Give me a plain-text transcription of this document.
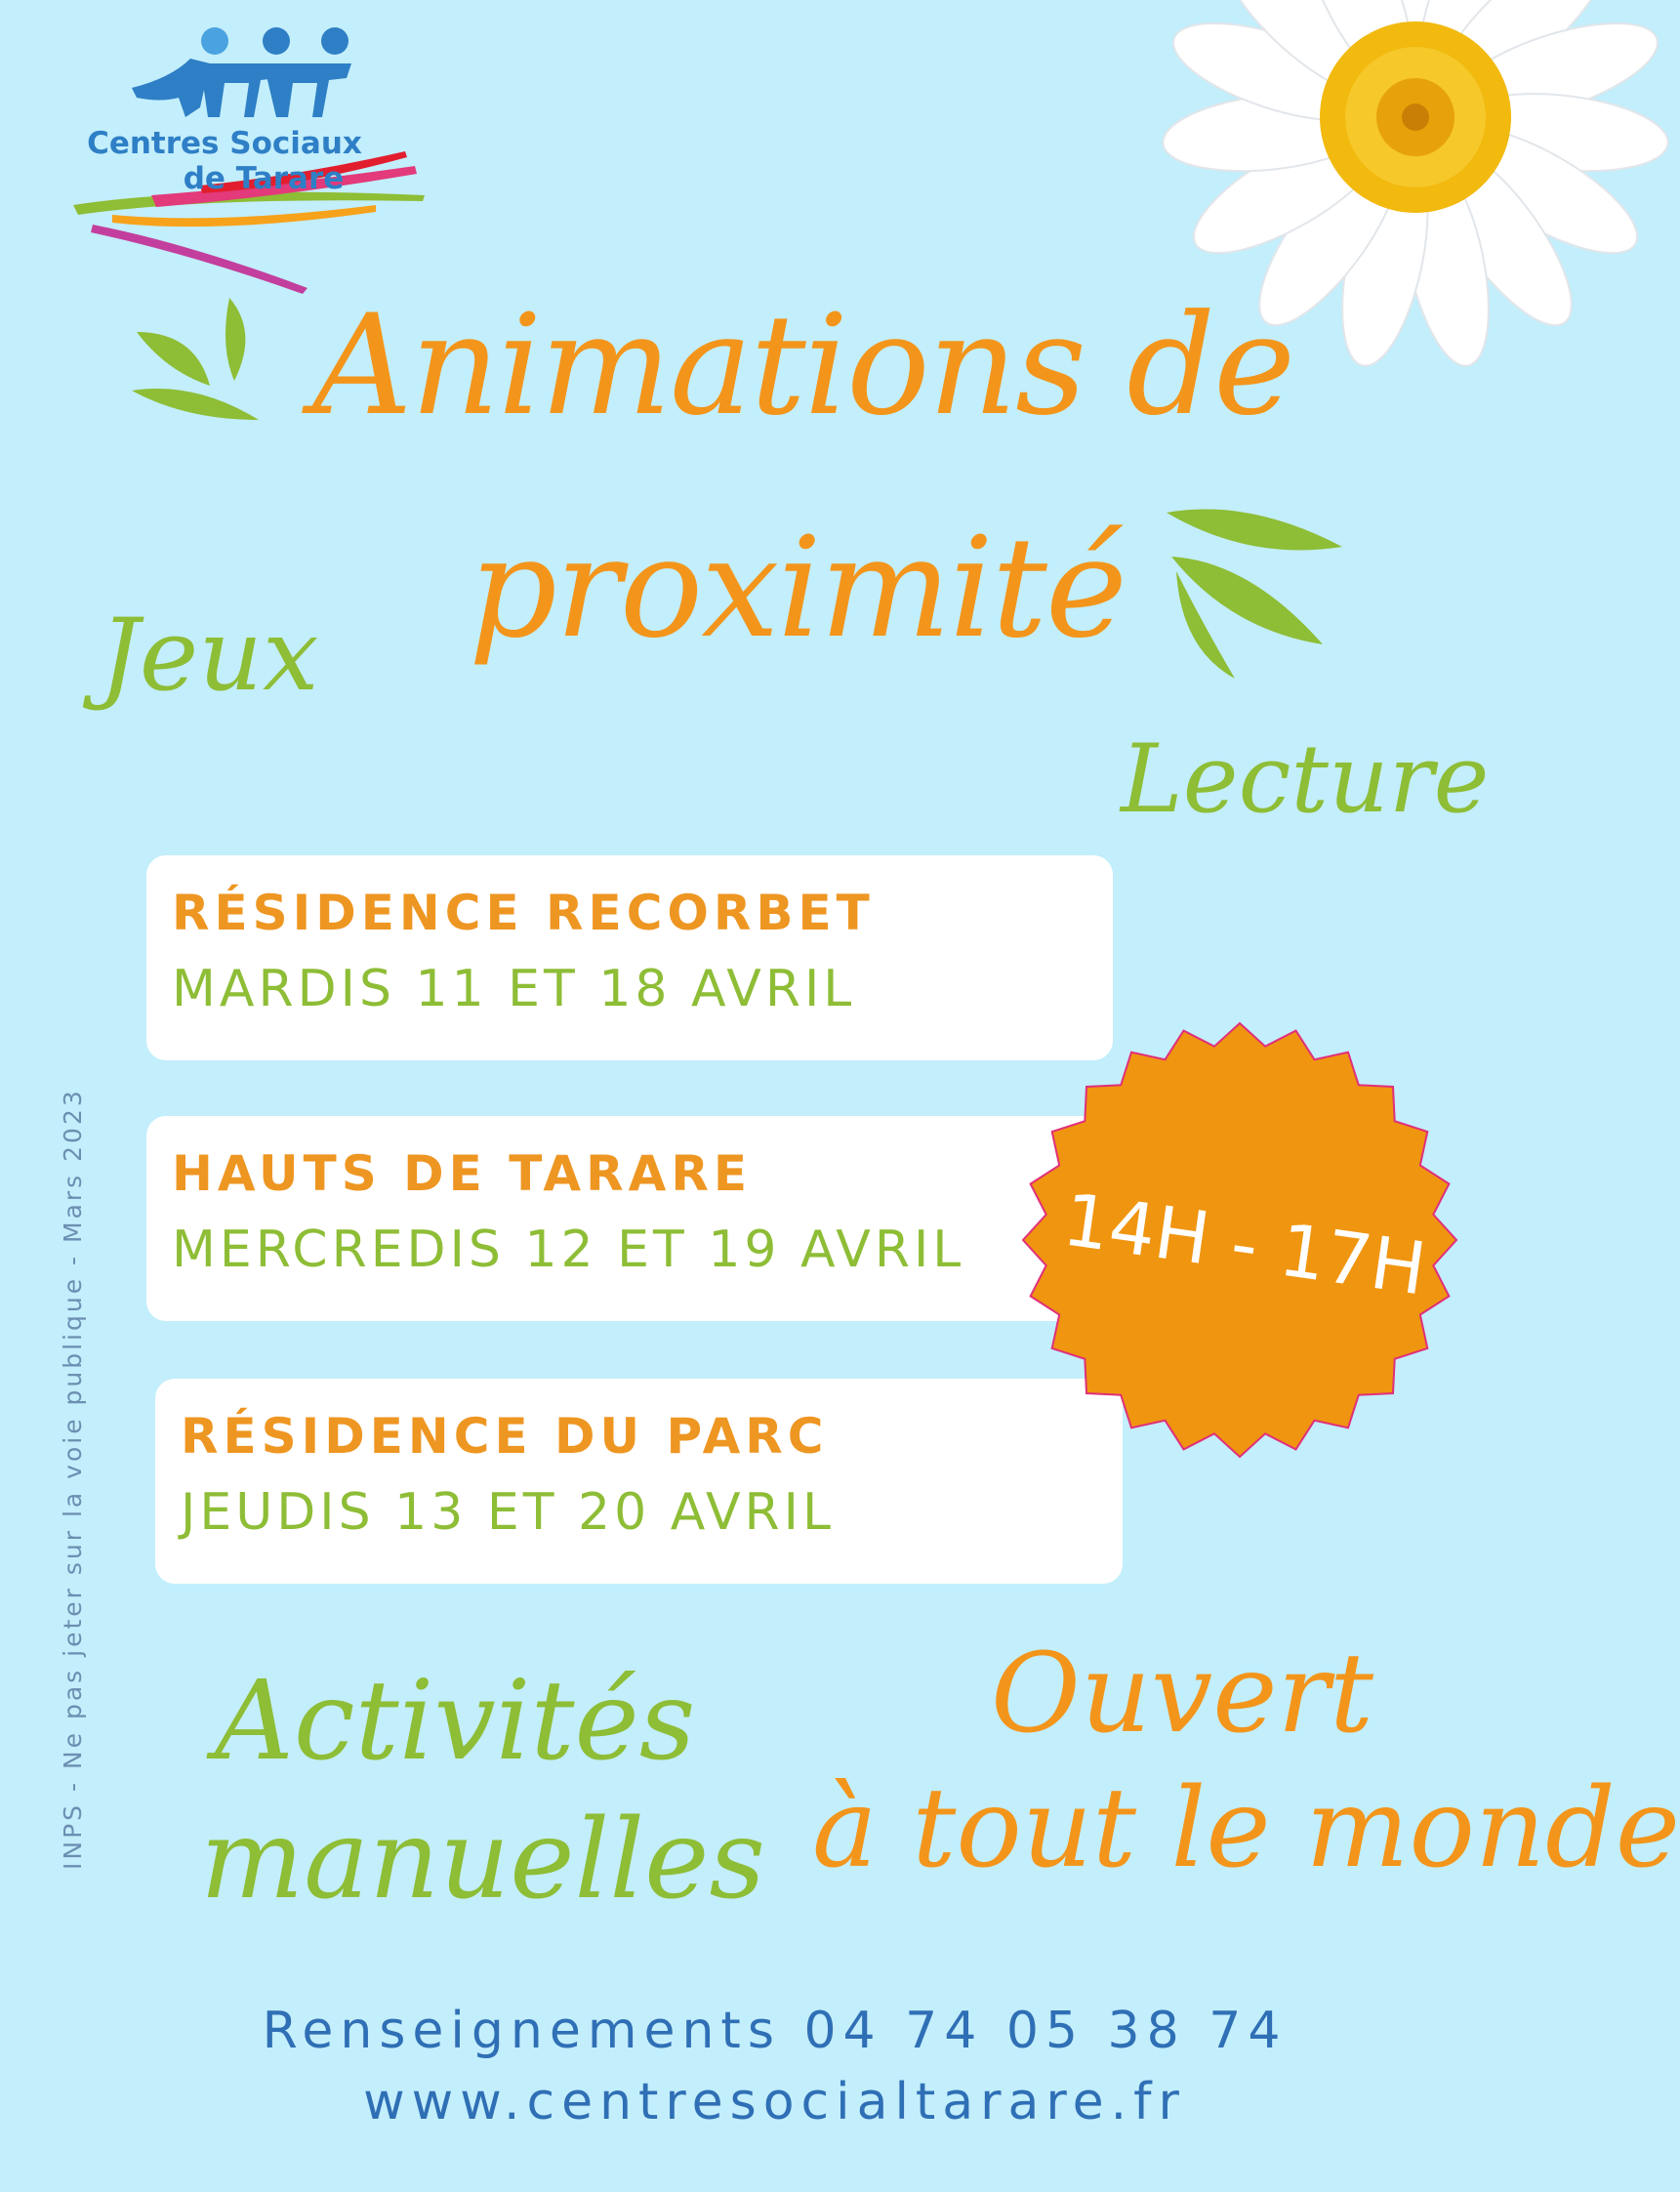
Centres Sociaux
de Tarare
Animations de
proximité
Jeux
Lecture
RÉSIDENCE RECORBET
MARDIS 11 ET 18 AVRIL
HAUTS DE TARARE
MERCREDIS 12 ET 19 AVRIL
RÉSIDENCE DU PARC
JEUDIS 13 ET 20 AVRIL
14H - 17H
Activités
manuelles
Ouvert
à tout le monde
INPS - Ne pas jeter sur la voie publique - Mars 2023
Renseignements 04 74 05 38 74
www.centresocialtarare.fr
